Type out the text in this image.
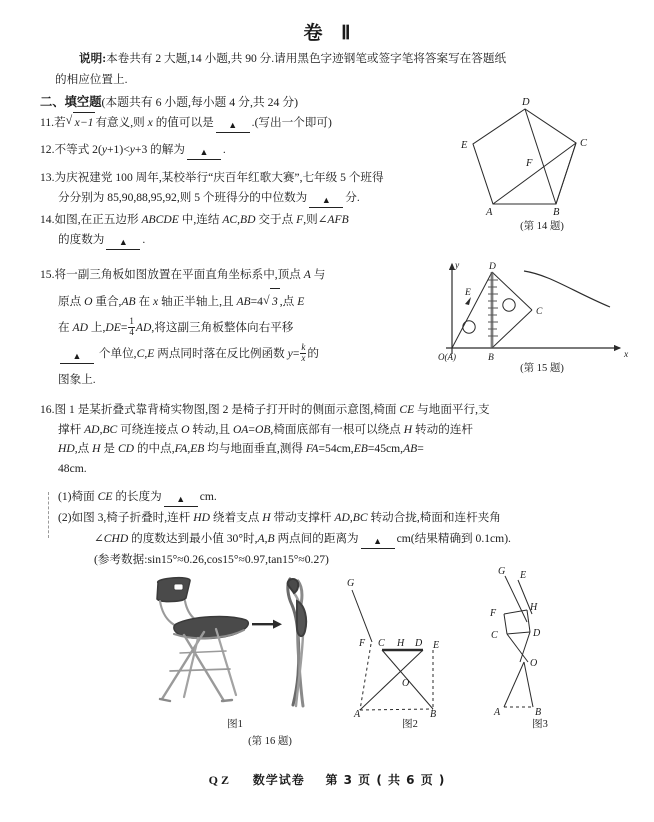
卷 Ⅱ
说明:本卷共有 2 大题,14 小题,共 90 分.请用黑色字迹钢笔或签字笔将答案写在答题纸
的相应位置上.
二、填空题(本题共有 6 小题,每小题 4 分,共 24 分)
11.若 √ x−1 有意义,则 x 的值可以是 ▲ .(写出一个即可)
12.不等式 2(y+1)<y+3 的解为 ▲ .
13.为庆祝建党 100 周年,某校举行“庆百年红歌大赛”,七年级 5 个班得
分分别为 85,90,88,95,92,则 5 个班得分的中位数为 ▲ 分.
14.如图,在正五边形 ABCDE 中,连结 AC,BD 交于点 F,则∠AFB
的度数为 ▲ .
15.将一副三角板如图放置在平面直角坐标系中,顶点 A 与
原点 O 重合,AB 在 x 轴正半轴上,且 AB=4 √ 3 ,点 E
在 AD 上$,DE= \frac{1}{4}$ AD,将这副三角板整体向右平移
▲ 个单位,C,E 两点同时落在反比例函数 $y= \frac{k}{x}$ 的
图象上.
16.图 1 是某折叠式靠背椅实物图,图 2 是椅子打开时的侧面示意图,椅面 CE 与地面平行,支
撑杆 AD,BC 可绕连接点 O 转动,且 OA=OB,椅面底部有一根可以绕点 H 转动的连杆
HD,点 H 是 CD 的中点,FA,EB 均与地面垂直,测得 FA=54cm,EB=45cm,AB=
48cm.
(1)椅面 CE 的长度为 ▲ cm.
(2)如图 3,椅子折叠时,连杆 HD 绕着支点 H 带动支撑杆 AD,BC 转动合拢,椅面和连杆夹角
∠CHD 的度数达到最小值 30°时,A,B 两点间的距离为 ▲ cm(结果精确到 0.1cm).
(参考数据:sin15°≈0.26,cos15°≈0.97,tan15°≈0.27)
D
E	C
A	B
F
(第 14 题)
y
x
D
E
C
B
O(A)
(第 15 题)
图1
G
F C H D E
O
A	B
图2
G E
F
H
C	D
O
A	B
图3
(第 16 题)
QZ 数学试卷 第 3 页 ( 共 6 页 )
